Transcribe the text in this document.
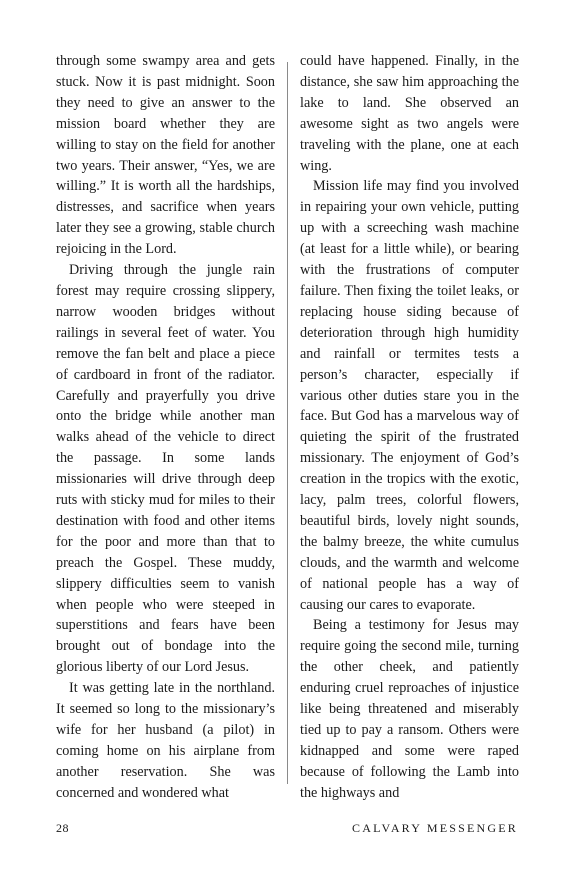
through some swampy area and gets stuck. Now it is past midnight. Soon they need to give an answer to the mission board whether they are willing to stay on the field for another two years. Their answer, “Yes, we are willing.” It is worth all the hardships, distresses, and sacrifice when years later they see a growing, stable church rejoicing in the Lord.

Driving through the jungle rain forest may require crossing slippery, narrow wooden bridges without railings in several feet of water. You remove the fan belt and place a piece of cardboard in front of the radiator. Carefully and prayerfully you drive onto the bridge while another man walks ahead of the vehicle to direct the passage. In some lands missionaries will drive through deep ruts with sticky mud for miles to their destination with food and other items for the poor and more than that to preach the Gospel. These muddy, slippery difficulties seem to vanish when people who were steeped in superstitions and fears have been brought out of bondage into the glorious liberty of our Lord Jesus.

It was getting late in the northland. It seemed so long to the missionary’s wife for her husband (a pilot) in coming home on his airplane from another reservation. She was concerned and wondered what

could have happened. Finally, in the distance, she saw him approaching the lake to land. She observed an awesome sight as two angels were traveling with the plane, one at each wing.

Mission life may find you involved in repairing your own vehicle, putting up with a screeching wash machine (at least for a little while), or bearing with the frustrations of computer failure. Then fixing the toilet leaks, or replacing house siding because of deterioration through high humidity and rainfall or termites tests a person’s character, especially if various other duties stare you in the face. But God has a marvelous way of quieting the spirit of the frustrated missionary. The enjoyment of God’s creation in the tropics with the exotic, lacy, palm trees, colorful flowers, beautiful birds, lovely night sounds, the balmy breeze, the white cumulus clouds, and the warmth and welcome of national people has a way of causing our cares to evaporate.

Being a testimony for Jesus may require going the second mile, turning the other cheek, and patiently enduring cruel reproaches of injustice like being threatened and miserably tied up to pay a ransom. Others were kidnapped and some were raped because of following the Lamb into the highways and

28	CALVARY MESSENGER
